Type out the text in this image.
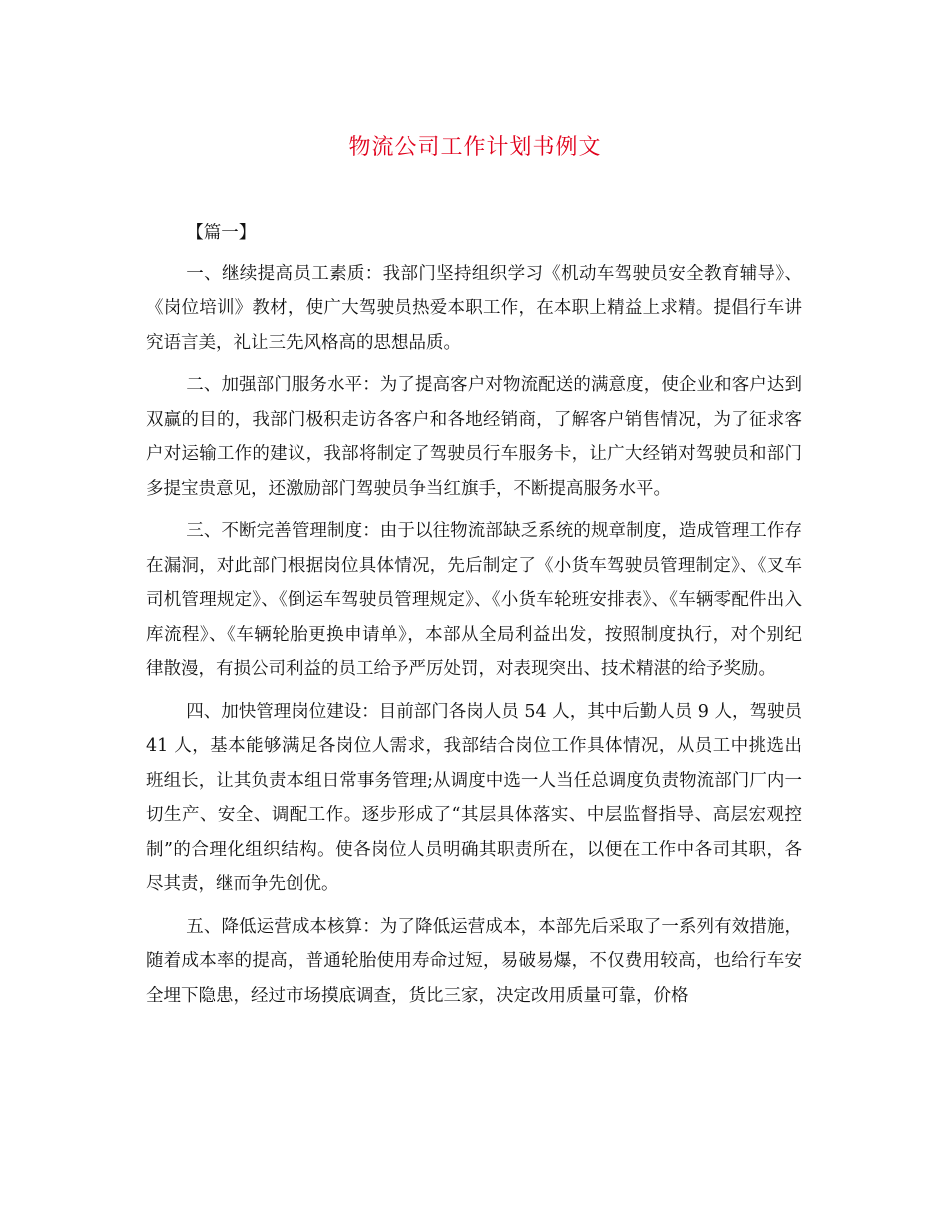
物流公司工作计划书例文

【篇一】

一、继续提高员工素质：我部门坚持组织学习《机动车驾驶员安全教育辅导》、《岗位培训》教材，使广大驾驶员热爱本职工作，在本职上精益上求精。提倡行车讲究语言美，礼让三先风格高的思想品质。

二、加强部门服务水平：为了提高客户对物流配送的满意度，使企业和客户达到双赢的目的，我部门极积走访各客户和各地经销商，了解客户销售情况，为了征求客户对运输工作的建议，我部将制定了驾驶员行车服务卡，让广大经销对驾驶员和部门多提宝贵意见，还激励部门驾驶员争当红旗手，不断提高服务水平。

三、不断完善管理制度：由于以往物流部缺乏系统的规章制度，造成管理工作存在漏洞，对此部门根据岗位具体情况，先后制定了《小货车驾驶员管理制定》、《叉车司机管理规定》、《倒运车驾驶员管理规定》、《小货车轮班安排表》、《车辆零配件出入库流程》、《车辆轮胎更换申请单》，本部从全局利益出发，按照制度执行，对个别纪律散漫，有损公司利益的员工给予严厉处罚，对表现突出、技术精湛的给予奖励。

四、加快管理岗位建设：目前部门各岗人员 54 人，其中后勤人员 9 人，驾驶员 41 人，基本能够满足各岗位人需求，我部结合岗位工作具体情况，从员工中挑选出班组长，让其负责本组日常事务管理;从调度中选一人当任总调度负责物流部门厂内一切生产、安全、调配工作。逐步形成了“其层具体落实、中层监督指导、高层宏观控制”的合理化组织结构。使各岗位人员明确其职责所在，以便在工作中各司其职，各尽其责，继而争先创优。

五、降低运营成本核算：为了降低运营成本，本部先后采取了一系列有效措施，随着成本率的提高，普通轮胎使用寿命过短，易破易爆，不仅费用较高，也给行车安全埋下隐患，经过市场摸底调查，货比三家，决定改用质量可靠，价格
